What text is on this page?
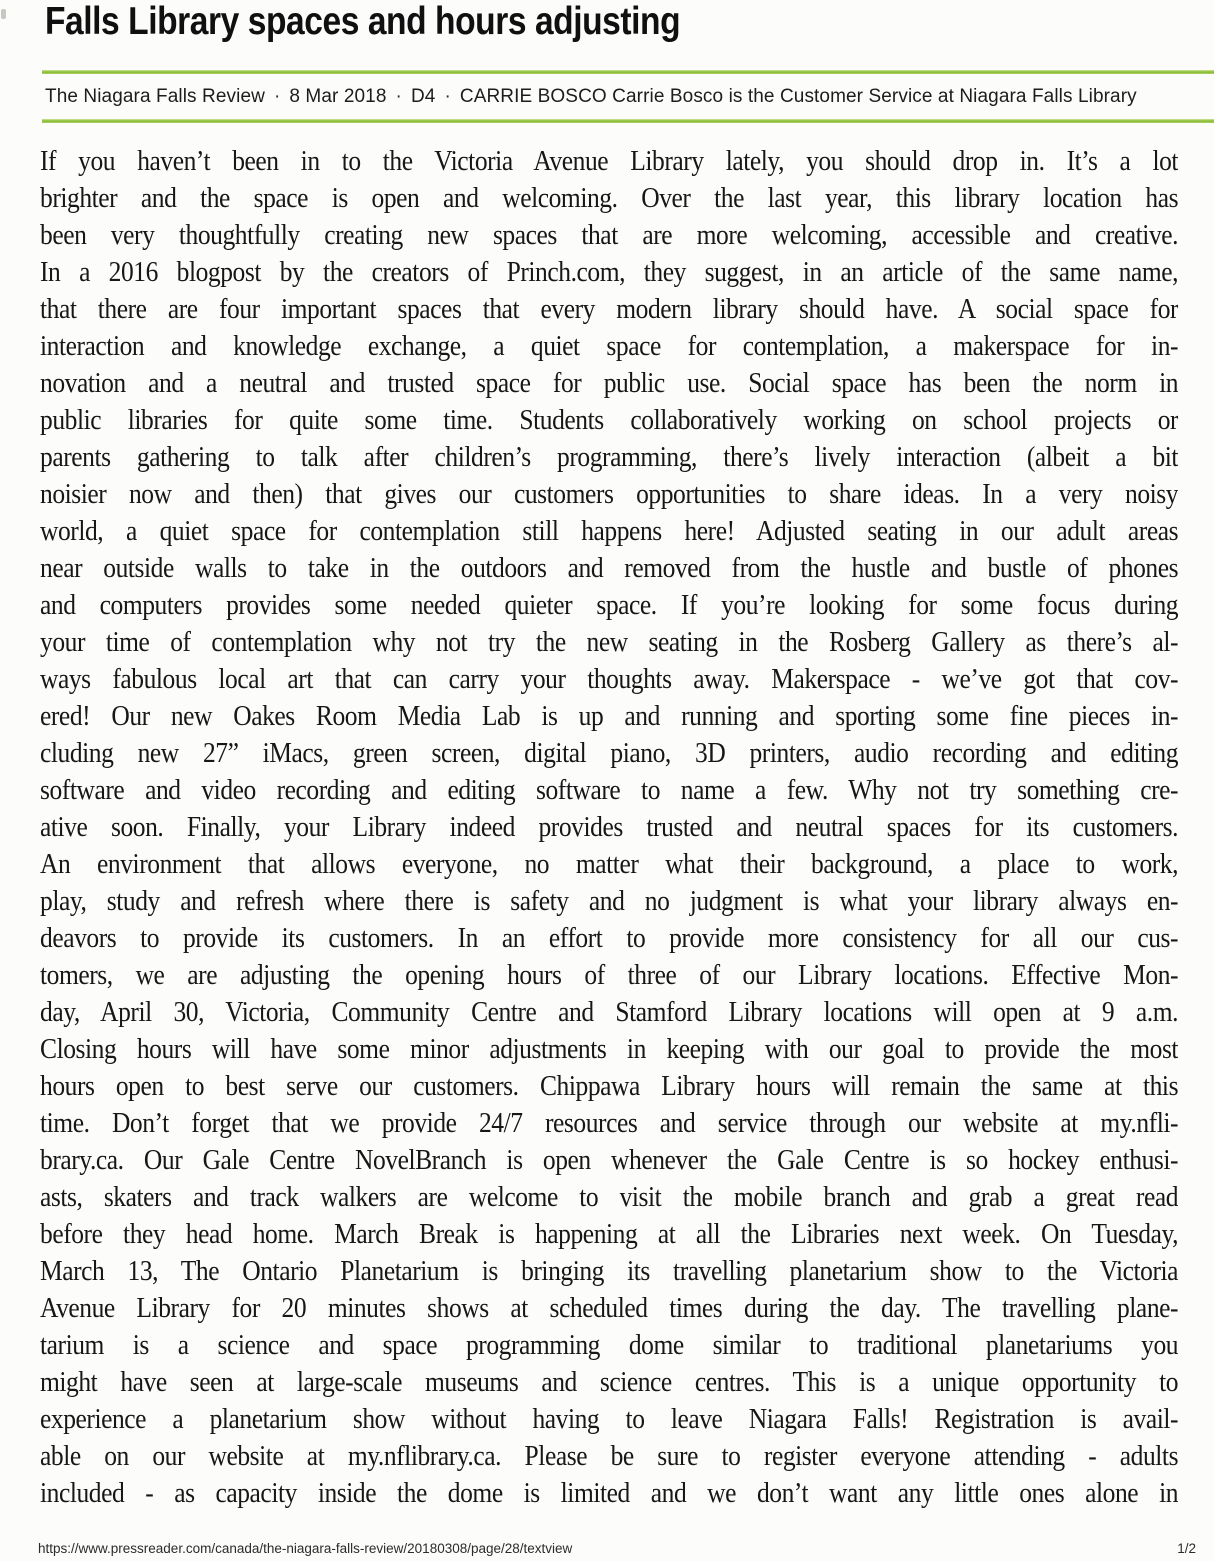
Falls Library spaces and hours adjusting
The Niagara Falls Review · 8 Mar 2018 · D4 · CARRIE BOSCO Carrie Bosco is the Customer Service at Niagara Falls Library
If you haven’t been in to the Victoria Avenue Library lately, you should drop in. It’s a lot
brighter and the space is open and welcoming. Over the last year, this library location has
been very thoughtfully creating new spaces that are more welcoming, accessible and creative.
In a 2016 blogpost by the creators of Princh.com, they suggest, in an article of the same name,
that there are four important spaces that every modern library should have. A social space for
interaction and knowledge exchange, a quiet space for contemplation, a makerspace for in-
novation and a neutral and trusted space for public use. Social space has been the norm in
public libraries for quite some time. Students collaboratively working on school projects or
parents gathering to talk after children’s programming, there’s lively interaction (albeit a bit
noisier now and then) that gives our customers opportunities to share ideas. In a very noisy
world, a quiet space for contemplation still happens here! Adjusted seating in our adult areas
near outside walls to take in the outdoors and removed from the hustle and bustle of phones
and computers provides some needed quieter space. If you’re looking for some focus during
your time of contemplation why not try the new seating in the Rosberg Gallery as there’s al-
ways fabulous local art that can carry your thoughts away. Makerspace - we’ve got that cov-
ered! Our new Oakes Room Media Lab is up and running and sporting some fine pieces in-
cluding new 27” iMacs, green screen, digital piano, 3D printers, audio recording and editing
software and video recording and editing software to name a few. Why not try something cre-
ative soon. Finally, your Library indeed provides trusted and neutral spaces for its customers.
An environment that allows everyone, no matter what their background, a place to work,
play, study and refresh where there is safety and no judgment is what your library always en-
deavors to provide its customers. In an effort to provide more consistency for all our cus-
tomers, we are adjusting the opening hours of three of our Library locations. Effective Mon-
day, April 30, Victoria, Community Centre and Stamford Library locations will open at 9 a.m.
Closing hours will have some minor adjustments in keeping with our goal to provide the most
hours open to best serve our customers. Chippawa Library hours will remain the same at this
time. Don’t forget that we provide 24/7 resources and service through our website at my.nfli-
brary.ca. Our Gale Centre NovelBranch is open whenever the Gale Centre is so hockey enthusi-
asts, skaters and track walkers are welcome to visit the mobile branch and grab a great read
before they head home. March Break is happening at all the Libraries next week. On Tuesday,
March 13, The Ontario Planetarium is bringing its travelling planetarium show to the Victoria
Avenue Library for 20 minutes shows at scheduled times during the day. The travelling plane-
tarium is a science and space programming dome similar to traditional planetariums you
might have seen at large-scale museums and science centres. This is a unique opportunity to
experience a planetarium show without having to leave Niagara Falls! Registration is avail-
able on our website at my.nflibrary.ca. Please be sure to register everyone attending - adults
included - as capacity inside the dome is limited and we don’t want any little ones alone in
https://www.pressreader.com/canada/the-niagara-falls-review/20180308/page/28/textview	1/2
